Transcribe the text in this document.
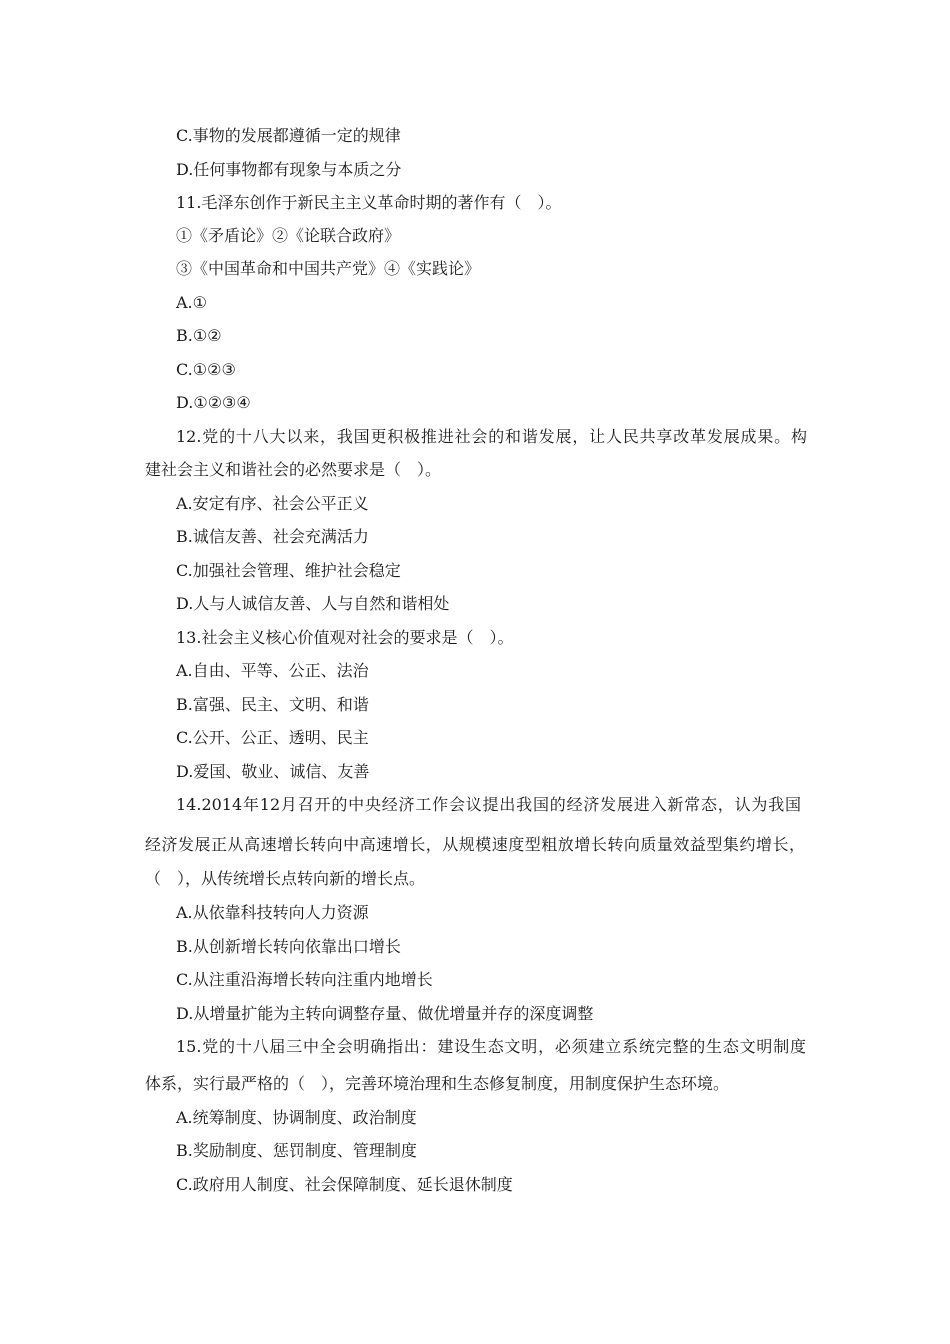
C.事物的发展都遵循一定的规律
D.任何事物都有现象与本质之分
11.毛泽东创作于新民主主义革命时期的著作有（　）。
①《矛盾论》②《论联合政府》
③《中国革命和中国共产党》④《实践论》
A.①
B.①②
C.①②③
D.①②③④
12.党的十八大以来，我国更积极推进社会的和谐发展，让人民共享改革发展成果。构
建社会主义和谐社会的必然要求是（　）。
A.安定有序、社会公平正义
B.诚信友善、社会充满活力
C.加强社会管理、维护社会稳定
D.人与人诚信友善、人与自然和谐相处
13.社会主义核心价值观对社会的要求是（　）。
A.自由、平等、公正、法治
B.富强、民主、文明、和谐
C.公开、公正、透明、民主
D.爱国、敬业、诚信、友善
14.2014年12月召开的中央经济工作会议提出我国的经济发展进入新常态，认为我国
经济发展正从高速增长转向中高速增长，从规模速度型粗放增长转向质量效益型集约增长，
（　），从传统增长点转向新的增长点。
A.从依靠科技转向人力资源
B.从创新增长转向依靠出口增长
C.从注重沿海增长转向注重内地增长
D.从增量扩能为主转向调整存量、做优增量并存的深度调整
15.党的十八届三中全会明确指出：建设生态文明，必须建立系统完整的生态文明制度
体系，实行最严格的（　），完善环境治理和生态修复制度，用制度保护生态环境。
A.统筹制度、协调制度、政治制度
B.奖励制度、惩罚制度、管理制度
C.政府用人制度、社会保障制度、延长退休制度
